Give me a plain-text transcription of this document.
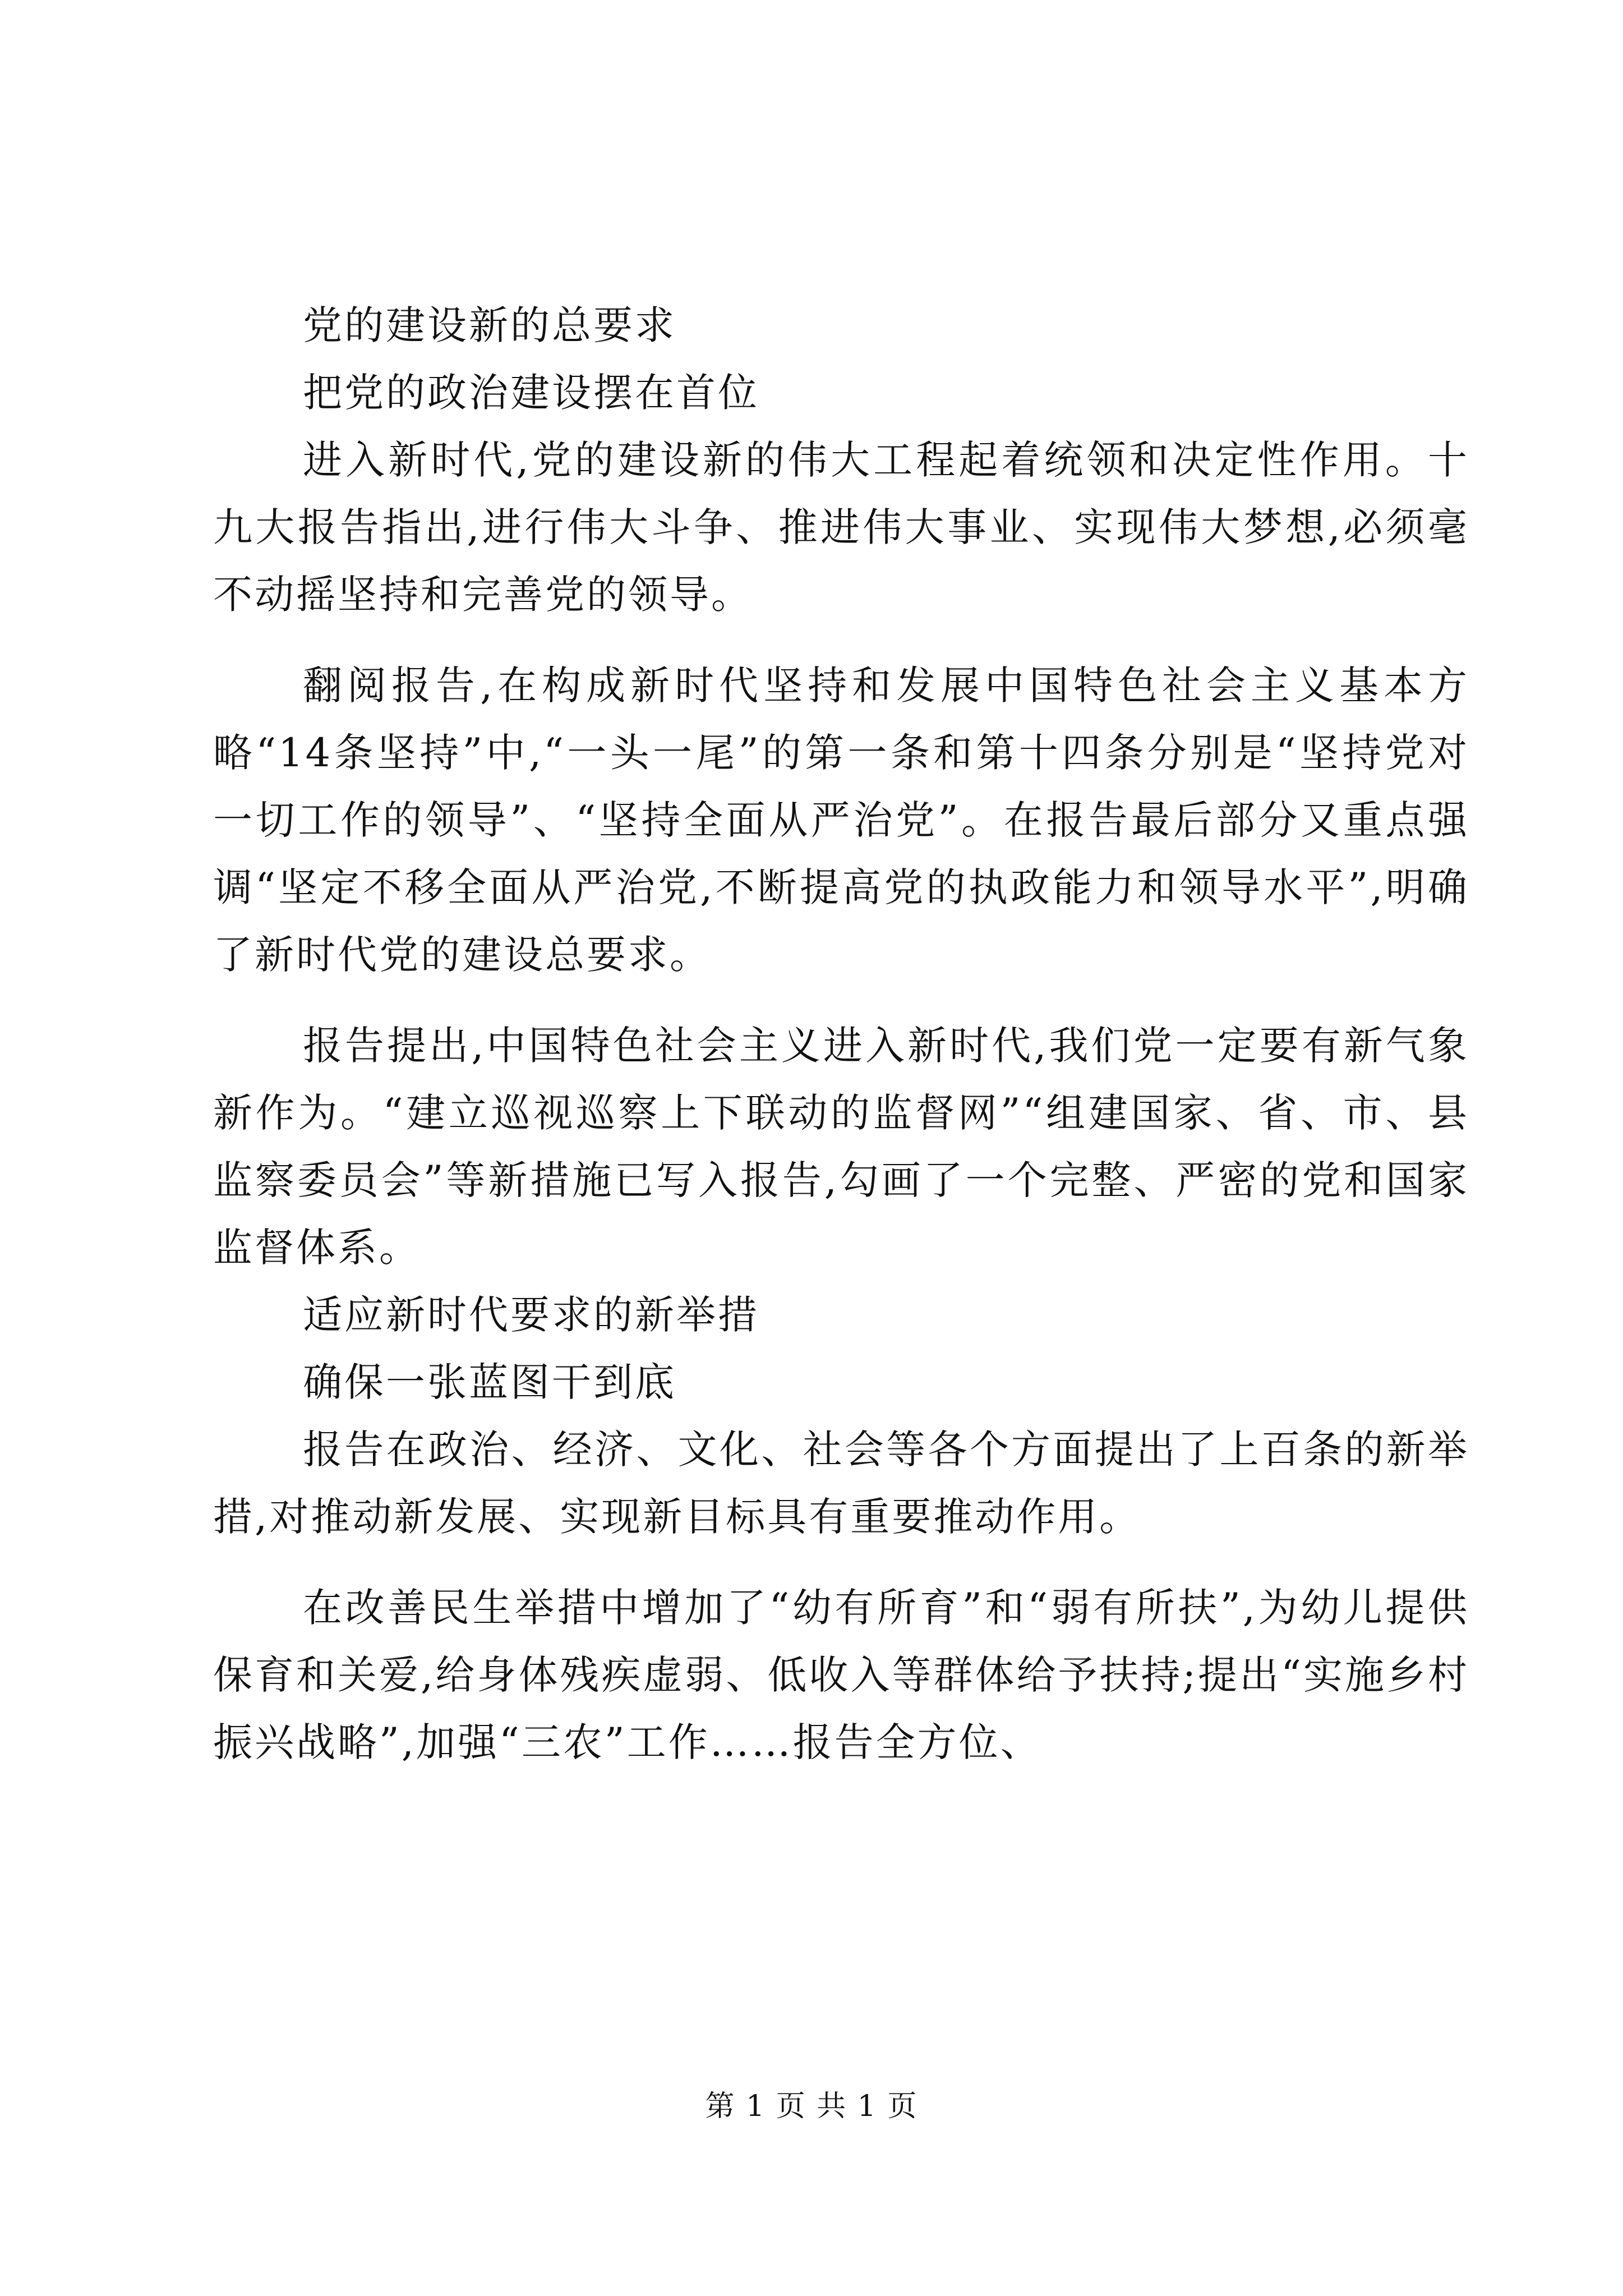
党的建设新的总要求

把党的政治建设摆在首位

进入新时代,党的建设新的伟大工程起着统领和决定性作用。十九大报告指出,进行伟大斗争、推进伟大事业、实现伟大梦想,必须毫不动摇坚持和完善党的领导。

翻阅报告,在构成新时代坚持和发展中国特色社会主义基本方略“14条坚持”中,“一头一尾”的第一条和第十四条分别是“坚持党对一切工作的领导”、“坚持全面从严治党”。在报告最后部分又重点强调“坚定不移全面从严治党,不断提高党的执政能力和领导水平”,明确了新时代党的建设总要求。

报告提出,中国特色社会主义进入新时代,我们党一定要有新气象新作为。“建立巡视巡察上下联动的监督网”“组建国家、省、市、县监察委员会”等新措施已写入报告,勾画了一个完整、严密的党和国家监督体系。

适应新时代要求的新举措

确保一张蓝图干到底

报告在政治、经济、文化、社会等各个方面提出了上百条的新举措,对推动新发展、实现新目标具有重要推动作用。

在改善民生举措中增加了“幼有所育”和“弱有所扶”,为幼儿提供保育和关爱,给身体残疾虚弱、低收入等群体给予扶持;提出“实施乡村振兴战略”,加强“三农”工作……报告全方位、

第 1 页 共 1 页
